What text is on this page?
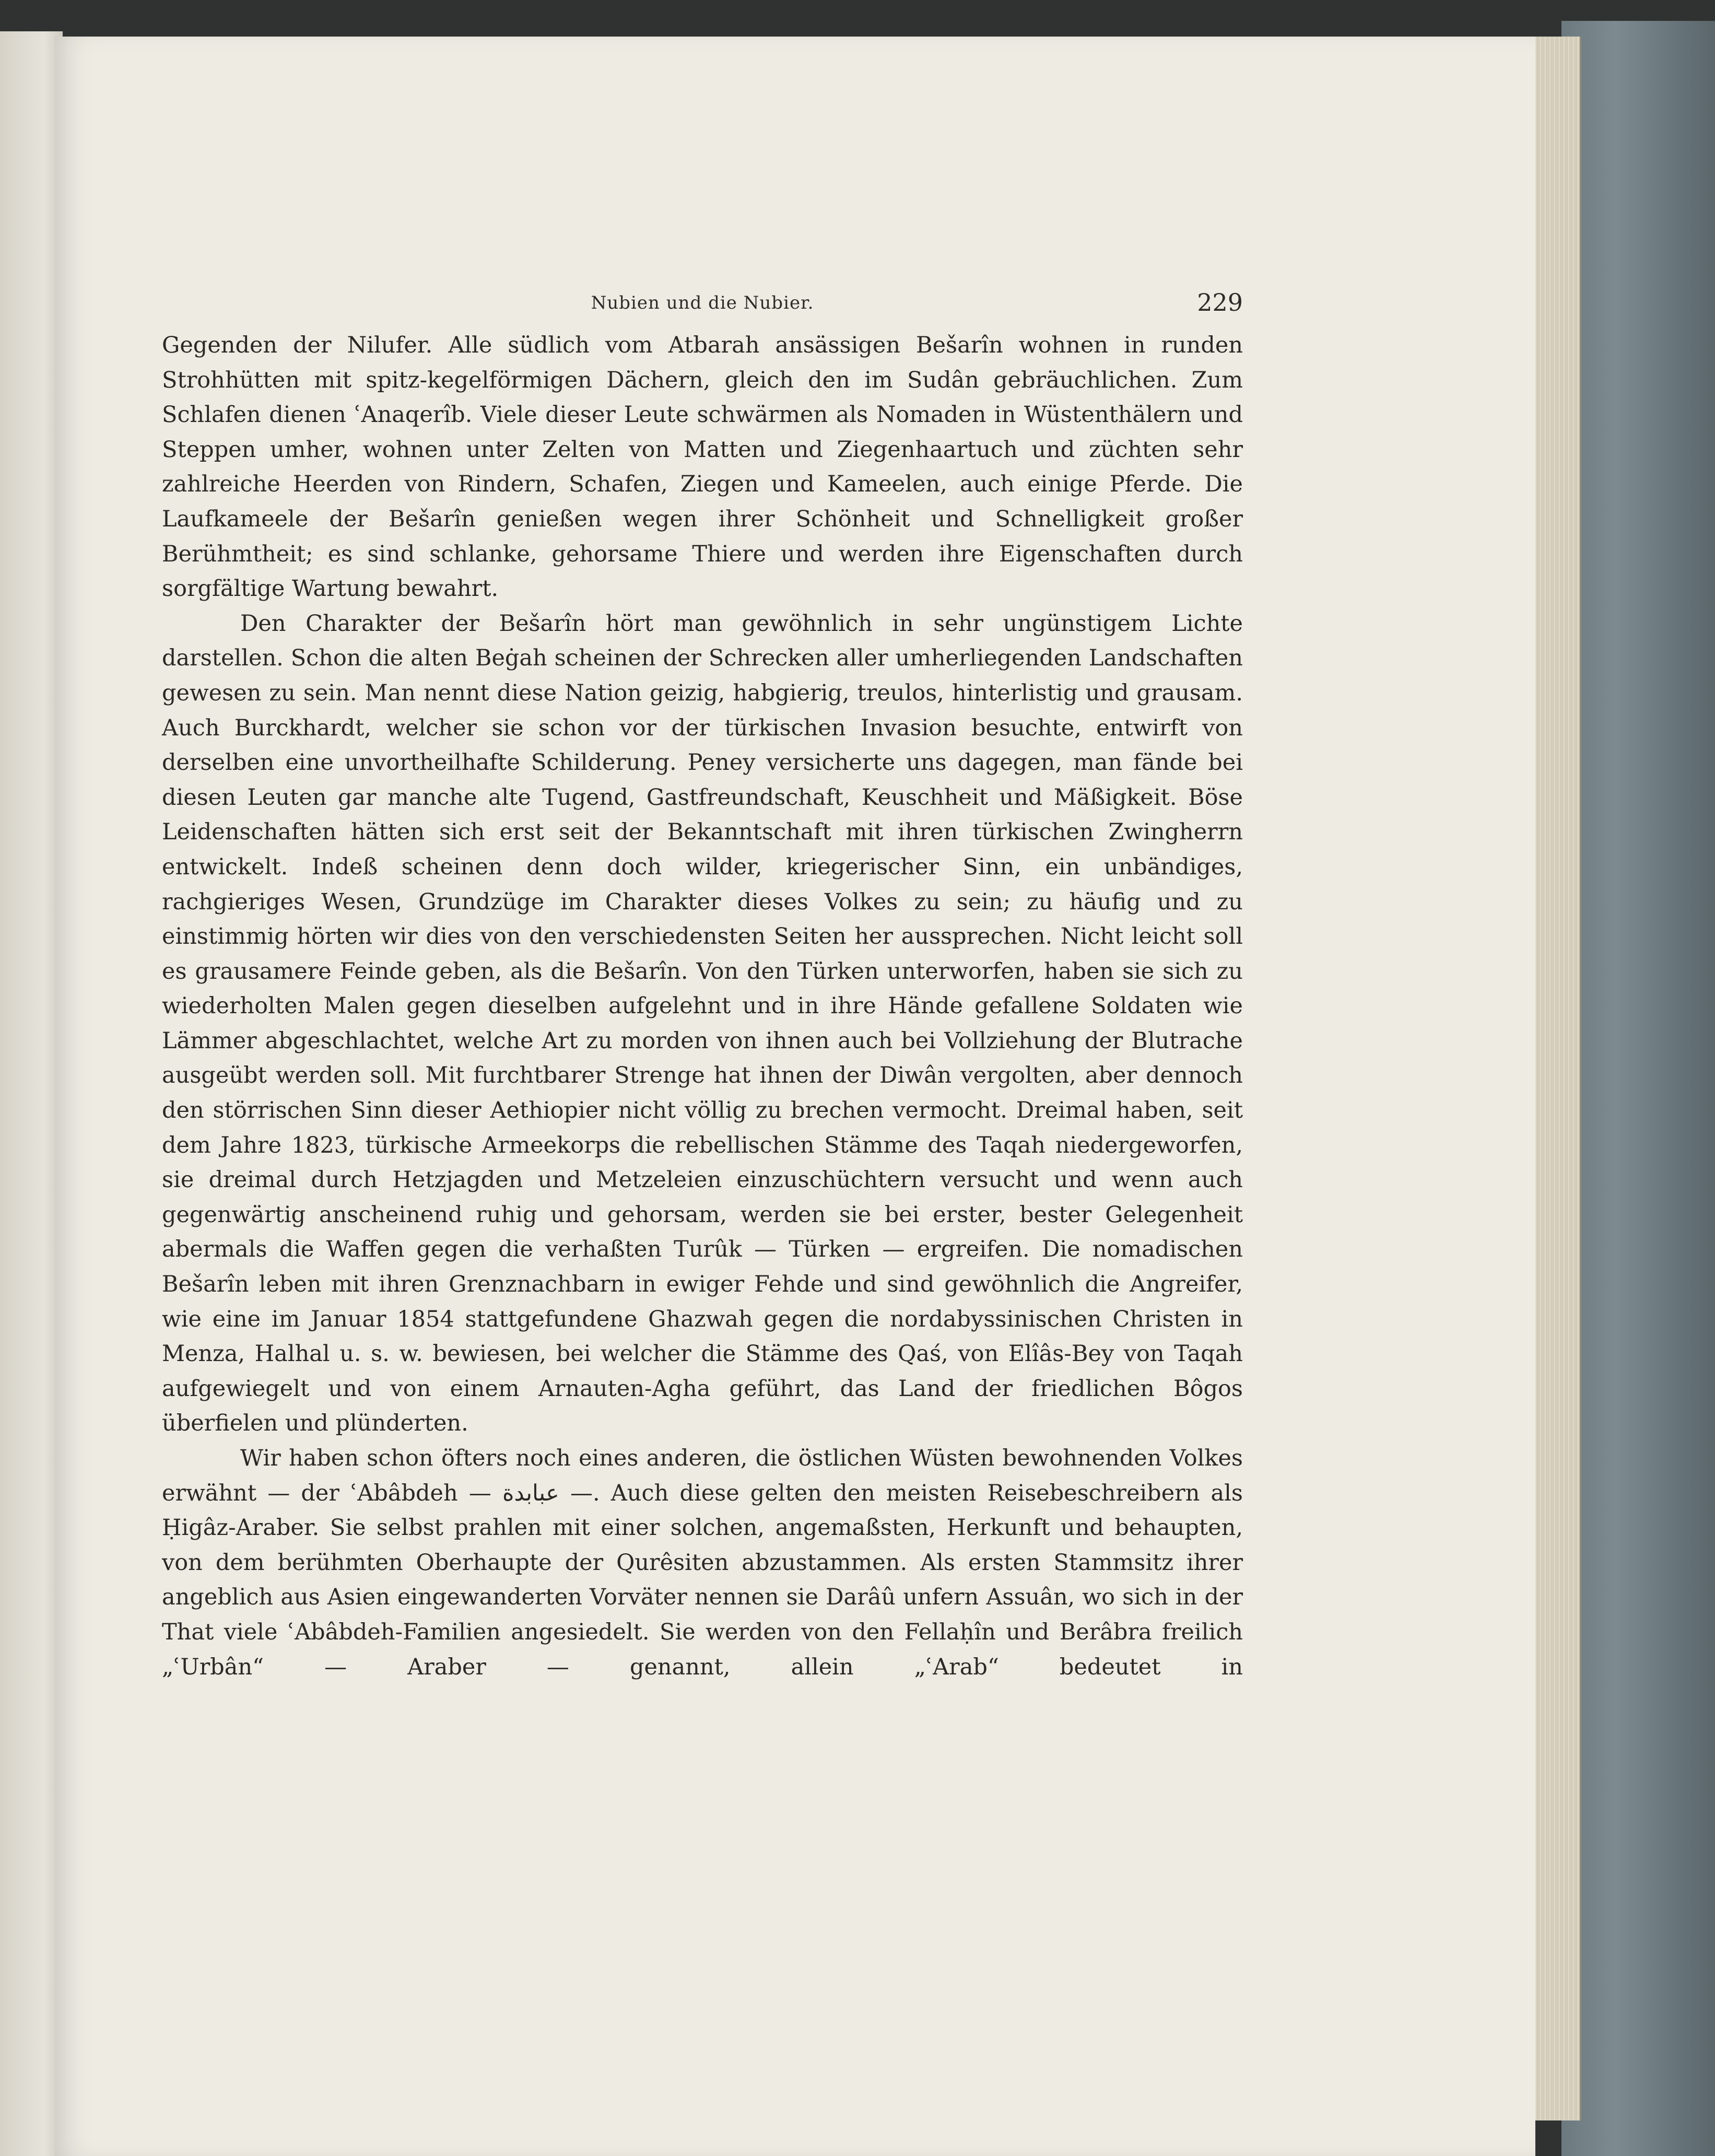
Nubien und die Nubier.	229

Gegenden der Nilufer. Alle südlich vom Atbarah ansässigen Bešarîn wohnen in runden Strohhütten mit spitz-kegelförmigen Dächern, gleich den im Sudân gebräuchlichen. Zum Schlafen dienen ʿAnaqerîb. Viele dieser Leute schwärmen als Nomaden in Wüstenthälern und Steppen umher, wohnen unter Zelten von Matten und Ziegenhaartuch und züchten sehr zahlreiche Heerden von Rindern, Schafen, Ziegen und Kameelen, auch einige Pferde. Die Laufkameele der Bešarîn genießen wegen ihrer Schönheit und Schnelligkeit großer Berühmtheit; es sind schlanke, gehorsame Thiere und werden ihre Eigenschaften durch sorgfältige Wartung bewahrt.

Den Charakter der Bešarîn hört man gewöhnlich in sehr ungünstigem Lichte darstellen. Schon die alten Beġah scheinen der Schrecken aller umherliegenden Landschaften gewesen zu sein. Man nennt diese Nation geizig, habgierig, treulos, hinterlistig und grausam. Auch Burckhardt, welcher sie schon vor der türkischen Invasion besuchte, entwirft von derselben eine unvortheilhafte Schilderung. Peney versicherte uns dagegen, man fände bei diesen Leuten gar manche alte Tugend, Gastfreundschaft, Keuschheit und Mäßigkeit. Böse Leidenschaften hätten sich erst seit der Bekanntschaft mit ihren türkischen Zwingherrn entwickelt. Indeß scheinen denn doch wilder, kriegerischer Sinn, ein unbändiges, rachgieriges Wesen, Grundzüge im Charakter dieses Volkes zu sein; zu häufig und zu einstimmig hörten wir dies von den verschiedensten Seiten her aussprechen. Nicht leicht soll es grausamere Feinde geben, als die Bešarîn. Von den Türken unterworfen, haben sie sich zu wiederholten Malen gegen dieselben aufgelehnt und in ihre Hände gefallene Soldaten wie Lämmer abgeschlachtet, welche Art zu morden von ihnen auch bei Vollziehung der Blutrache ausgeübt werden soll. Mit furchtbarer Strenge hat ihnen der Diwân vergolten, aber dennoch den störrischen Sinn dieser Aethiopier nicht völlig zu brechen vermocht. Dreimal haben, seit dem Jahre 1823, türkische Armeekorps die rebellischen Stämme des Taqah niedergeworfen, sie dreimal durch Hetzjagden und Metzeleien einzuschüchtern versucht und wenn auch gegenwärtig anscheinend ruhig und gehorsam, werden sie bei erster, bester Gelegenheit abermals die Waffen gegen die verhaßten Turûk — Türken — ergreifen. Die nomadischen Bešarîn leben mit ihren Grenznachbarn in ewiger Fehde und sind gewöhnlich die Angreifer, wie eine im Januar 1854 stattgefundene Ghazwah gegen die nordabyssinischen Christen in Menza, Halhal u. s. w. bewiesen, bei welcher die Stämme des Qaś, von Elîâs-Bey von Taqah aufgewiegelt und von einem Arnauten-Agha geführt, das Land der friedlichen Bôgos überfielen und plünderten.

Wir haben schon öfters noch eines anderen, die östlichen Wüsten bewohnenden Volkes erwähnt — der ʿAbâbdeh — عبابدة —. Auch diese gelten den meisten Reisebeschreibern als Ḥigâz-Araber. Sie selbst prahlen mit einer solchen, angemaßsten, Herkunft und behaupten, von dem berühmten Oberhaupte der Qurêsiten abzustammen. Als ersten Stammsitz ihrer angeblich aus Asien eingewanderten Vorväter nennen sie Darâû unfern Assuân, wo sich in der That viele ʿAbâbdeh-Familien angesiedelt. Sie werden von den Fellaḥîn und Berâbra freilich „ʿUrbân“ — Araber — genannt, allein „ʿArab“ bedeutet in
